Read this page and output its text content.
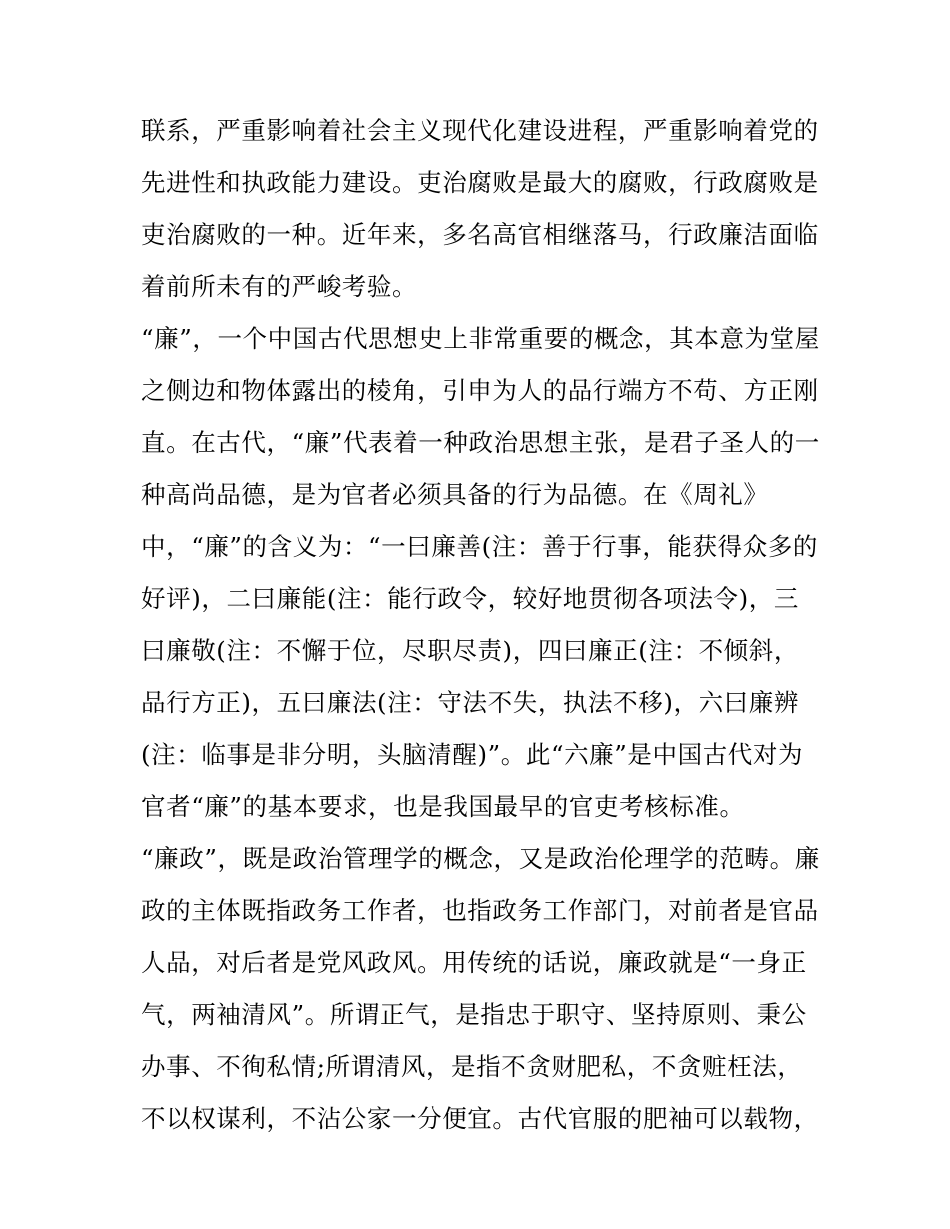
联系，严重影响着社会主义现代化建设进程，严重影响着党的
先进性和执政能力建设。吏治腐败是最大的腐败，行政腐败是
吏治腐败的一种。近年来，多名高官相继落马，行政廉洁面临
着前所未有的严峻考验。
“廉”，一个中国古代思想史上非常重要的概念，其本意为堂屋
之侧边和物体露出的棱角，引申为人的品行端方不苟、方正刚
直。在古代，“廉”代表着一种政治思想主张，是君子圣人的一
种高尚品德，是为官者必须具备的行为品德。在《周礼》
中，“廉”的含义为：“一曰廉善(注：善于行事，能获得众多的
好评)，二曰廉能(注：能行政令，较好地贯彻各项法令)，三
曰廉敬(注：不懈于位，尽职尽责)，四曰廉正(注：不倾斜，
品行方正)，五曰廉法(注：守法不失，执法不移)，六曰廉辨
(注：临事是非分明，头脑清醒)”。此“六廉”是中国古代对为
官者“廉”的基本要求，也是我国最早的官吏考核标准。
“廉政”，既是政治管理学的概念，又是政治伦理学的范畴。廉
政的主体既指政务工作者，也指政务工作部门，对前者是官品
人品，对后者是党风政风。用传统的话说，廉政就是“一身正
气，两袖清风”。所谓正气，是指忠于职守、坚持原则、秉公
办事、不徇私情;所谓清风，是指不贪财肥私，不贪赃枉法，
不以权谋利，不沾公家一分便宜。古代官服的肥袖可以载物，
